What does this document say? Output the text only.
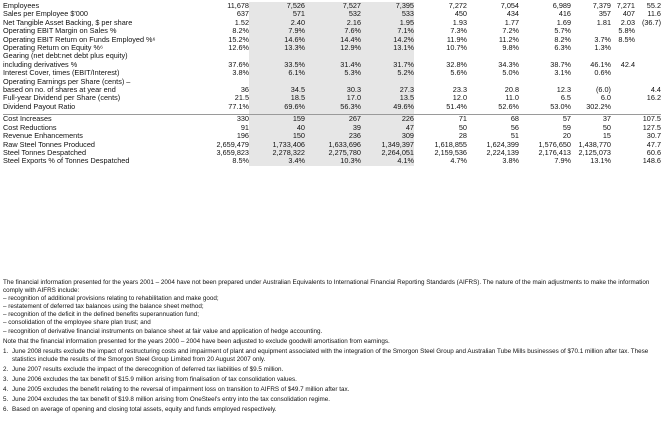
Employees	11,678	7,526	7,527	7,395	7,272	7,054	6,989	7,379	7,271	55.2

Sales per Employee $'000	637	571	532	533	450	434	416	357	407	11.6

Net Tangible Asset Backing, $ per share	1.52	2.40	2.16	1.95	1.93	1.77	1.69	1.81	2.03	(36.7)

Operating EBIT Margin on Sales %	8.2%	7.9%	7.6%	7.1%	7.3%	7.2%	5.7%		5.8%	

Operating EBIT Return on Funds Employed %⁶	15.2%	14.6%	14.4%	14.2%	11.9%	11.2%	8.2%	3.7%	8.5%	

Operating Return on Equity %⁶	12.6%	13.3%	12.9%	13.1%	10.7%	9.8%	6.3%	1.3%		

Gearing (net debt:net debt plus equity)
including derivatives %	37.6%	33.5%	31.4%	31.7%	32.8%	34.3%	38.7%	46.1%	42.4	

Interest Cover, times (EBIT/Interest)	3.8%	6.1%	5.3%	5.2%	5.6%	5.0%	3.1%	0.6%		

Operating Earnings per Share (cents) –
based on no. of shares at year end	36	34.5	30.3	27.3	23.3	20.8	12.3	(6.0)		4.4

Full-year Dividend per Share (cents)	21.5	18.5	17.0	13.5	12.0	11.0	6.5	6.0		16.2

Dividend Payout Ratio	77.1%	69.6%	56.3%	49.6%	51.4%	52.6%	53.0%	302.2%		

Cost Increases	330	159	267	226	71	68	57	37		107.5

Cost Reductions	91	40	39	47	50	56	59	50		127.5

Revenue Enhancements	196	150	236	309	28	51	20	15		30.7

Raw Steel Tonnes Produced	2,659,479	1,733,406	1,633,696	1,349,397	1,618,855	1,624,399	1,576,650	1,438,770		47.7

Steel Tonnes Despatched	3,659,823	2,278,322	2,275,780	2,264,051	2,159,536	2,224,139	2,176,413	2,125,073		60.6

Steel Exports % of Tonnes Despatched	8.5%	3.4%	10.3%	4.1%	4.7%	3.8%	7.9%	13.1%		148.6

The financial information presented for the years 2001 – 2004 have not been prepared under Australian Equivalents to International Financial Reporting Standards (AIFRS). The nature of the main adjustments to make the information comply with AIFRS include:

– recognition of additional provisions relating to rehabilitation and make good;

– restatement of deferred tax balances using the balance sheet method;

– recognition of the deficit in the defined benefits superannuation fund;

– consolidation of the employee share plan trust; and

– recognition of derivative financial instruments on balance sheet at fair value and application of hedge accounting.

Note that the financial information presented for the years 2000 – 2004 have been adjusted to exclude goodwill amortisation from earnings.

1. June 2008 results exclude the impact of restructuring costs and impairment of plant and equipment associated with the integration of the Smorgon Steel Group and Australian Tube Mills businesses of $70.1 million after tax. These statistics include the results of the Smorgon Steel Group Limited from 20 August 2007 only.
2. June 2007 results exclude the impact of the derecognition of deferred tax liabilities of $9.5 million.
3. June 2006 excludes the tax benefit of $15.9 million arising from finalisation of tax consolidation values.
4. June 2005 excludes the benefit relating to the reversal of impairment loss on transition to AIFRS of $49.7 million after tax.
5. June 2004 excludes the tax benefit of $19.8 million arising from OneSteel's entry into the tax consolidation regime.
6. Based on average of opening and closing total assets, equity and funds employed respectively.
